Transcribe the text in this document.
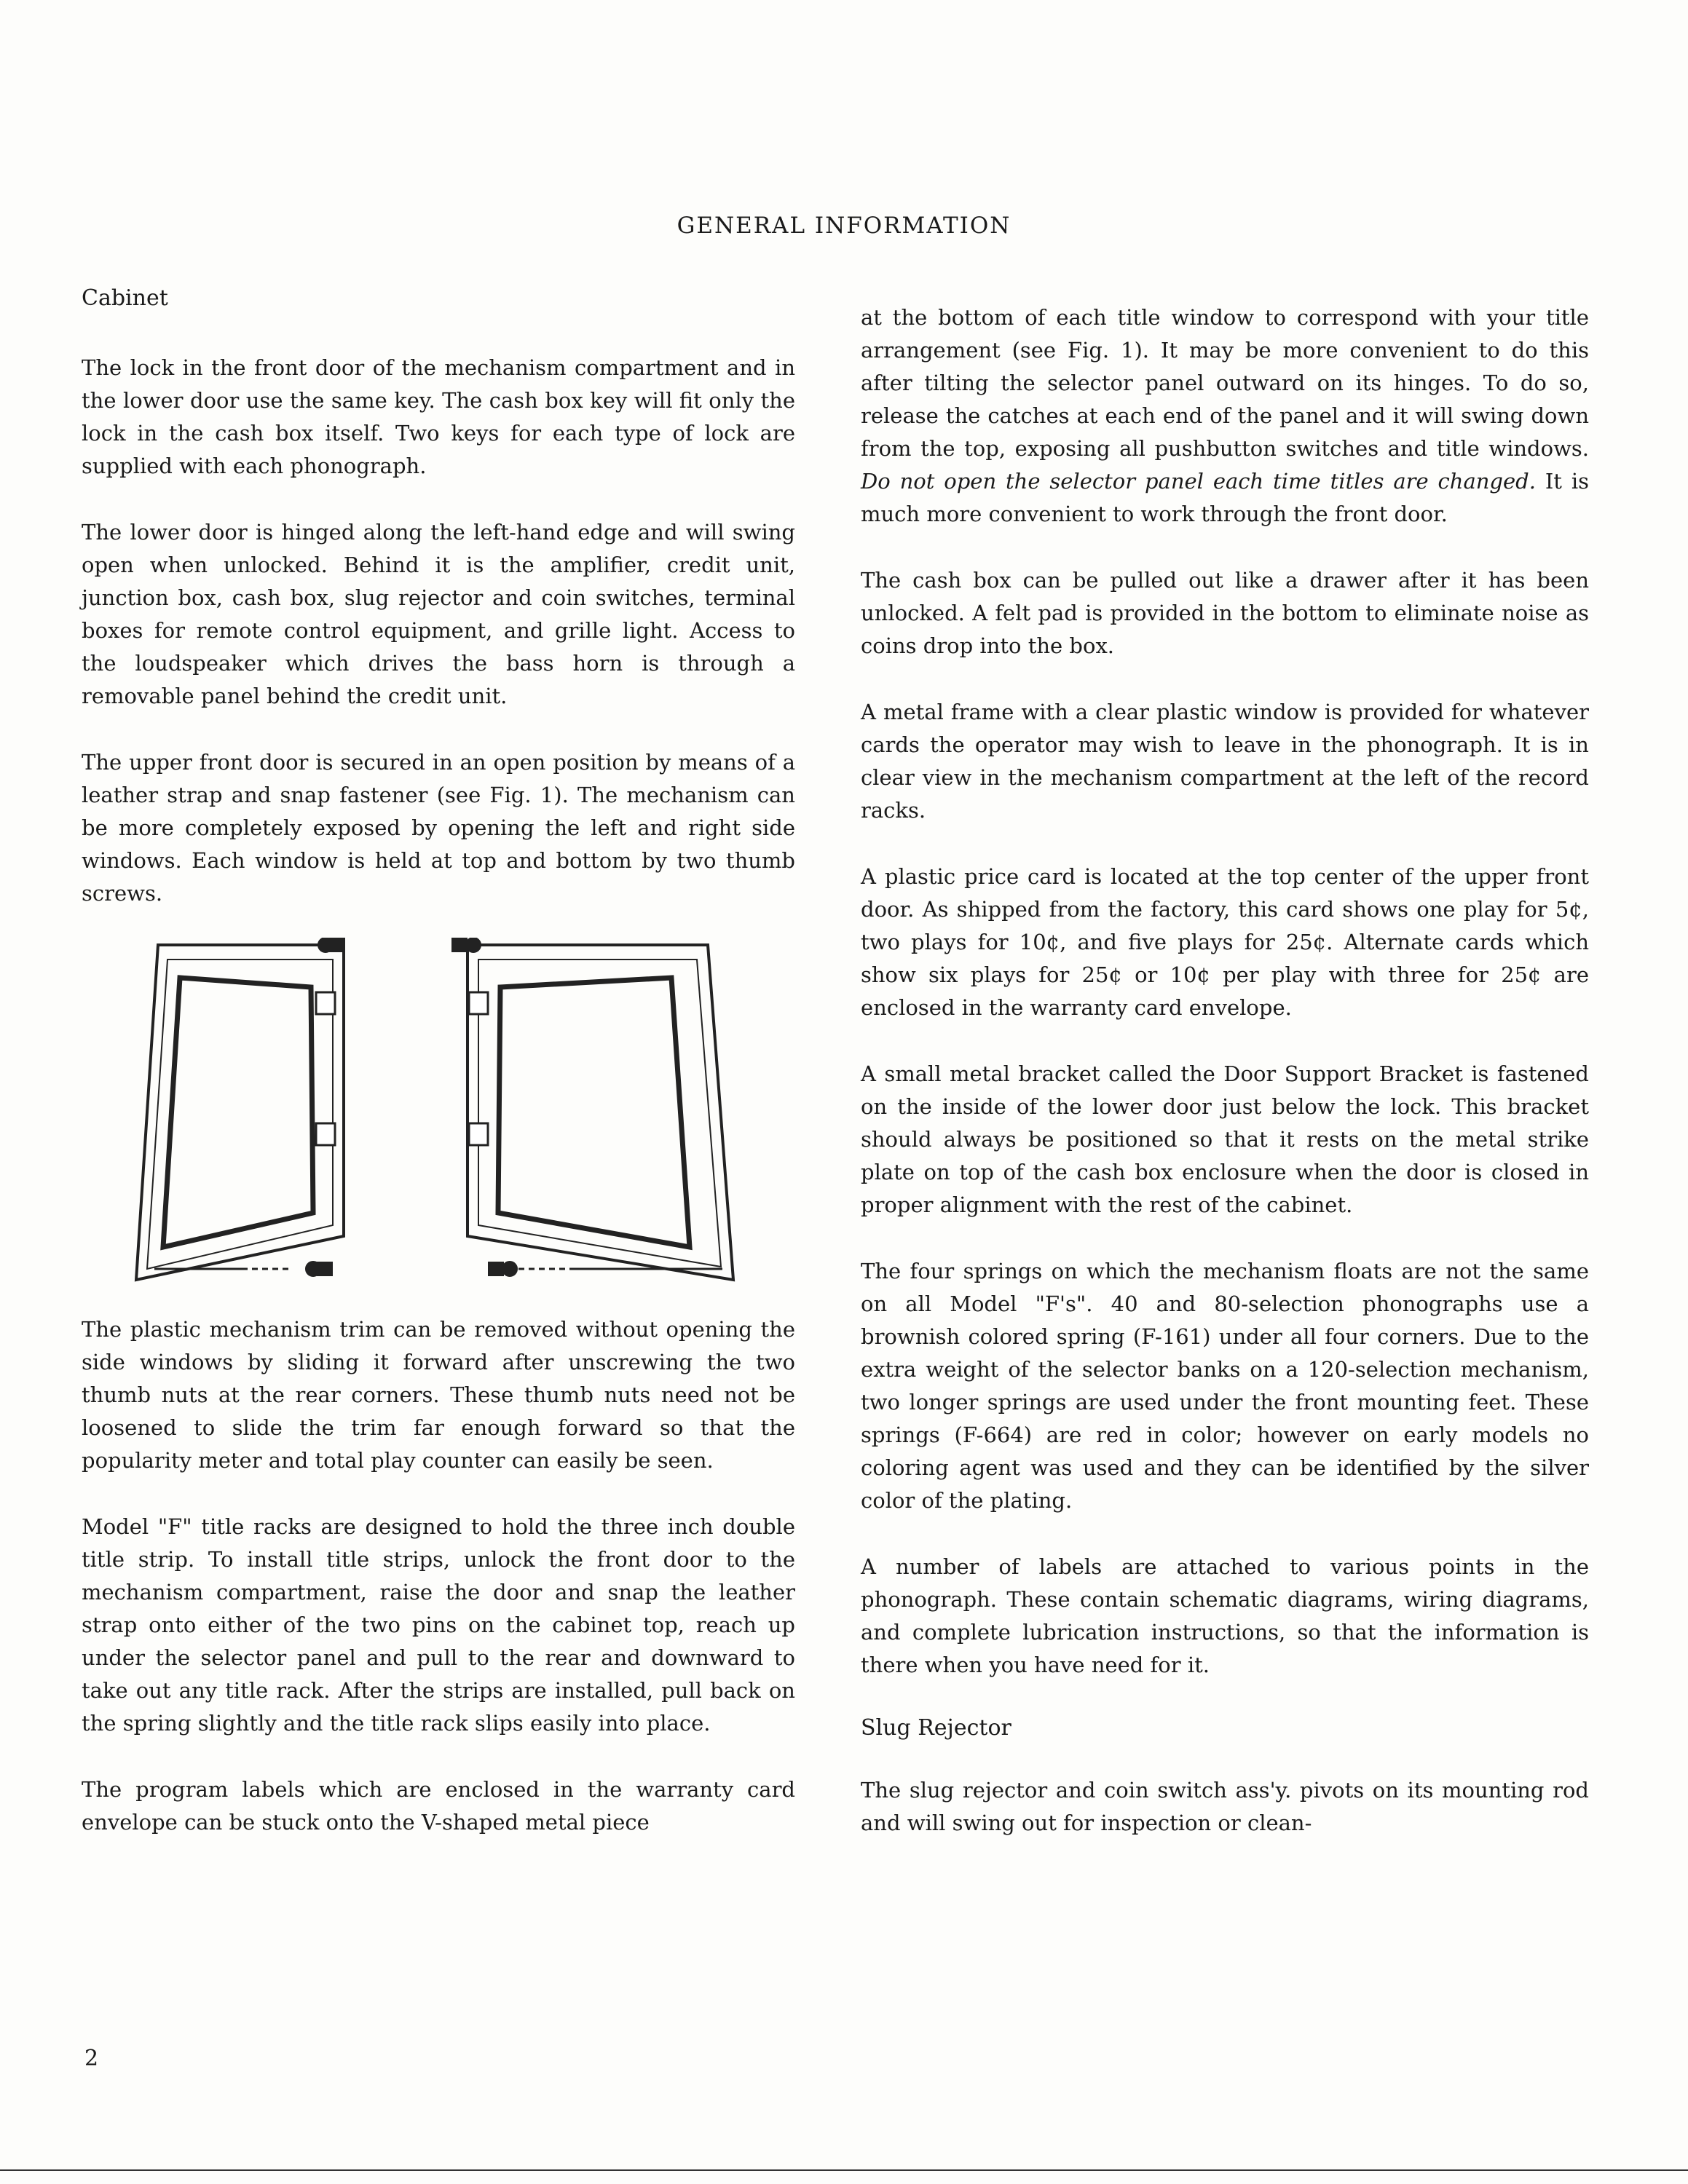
GENERAL INFORMATION
Cabinet

The lock in the front door of the mechanism compartment and in the lower door use the same key. The cash box key will fit only the lock in the cash box itself. Two keys for each type of lock are supplied with each phonograph.

The lower door is hinged along the left-hand edge and will swing open when unlocked. Behind it is the amplifier, credit unit, junction box, cash box, slug rejector and coin switches, terminal boxes for remote control equipment, and grille light. Access to the loudspeaker which drives the bass horn is through a removable panel behind the credit unit.

The upper front door is secured in an open position by means of a leather strap and snap fastener (see Fig. 1). The mechanism can be more completely exposed by opening the left and right side windows. Each window is held at top and bottom by two thumb screws.

The plastic mechanism trim can be removed without opening the side windows by sliding it forward after unscrewing the two thumb nuts at the rear corners. These thumb nuts need not be loosened to slide the trim far enough forward so that the popularity meter and total play counter can easily be seen.

Model "F" title racks are designed to hold the three inch double title strip. To install title strips, unlock the front door to the mechanism compartment, raise the door and snap the leather strap onto either of the two pins on the cabinet top, reach up under the selector panel and pull to the rear and downward to take out any title rack. After the strips are installed, pull back on the spring slightly and the title rack slips easily into place.

The program labels which are enclosed in the warranty card envelope can be stuck onto the V-shaped metal piece

at the bottom of each title window to correspond with your title arrangement (see Fig. 1). It may be more convenient to do this after tilting the selector panel outward on its hinges. To do so, release the catches at each end of the panel and it will swing down from the top, exposing all pushbutton switches and title windows. Do not open the selector panel each time titles are changed. It is much more convenient to work through the front door.

The cash box can be pulled out like a drawer after it has been unlocked. A felt pad is provided in the bottom to eliminate noise as coins drop into the box.

A metal frame with a clear plastic window is provided for whatever cards the operator may wish to leave in the phonograph. It is in clear view in the mechanism compartment at the left of the record racks.

A plastic price card is located at the top center of the upper front door. As shipped from the factory, this card shows one play for 5¢, two plays for 10¢, and five plays for 25¢. Alternate cards which show six plays for 25¢ or 10¢ per play with three for 25¢ are enclosed in the warranty card envelope.

A small metal bracket called the Door Support Bracket is fastened on the inside of the lower door just below the lock. This bracket should always be positioned so that it rests on the metal strike plate on top of the cash box enclosure when the door is closed in proper alignment with the rest of the cabinet.

The four springs on which the mechanism floats are not the same on all Model "F's". 40 and 80-selection phonographs use a brownish colored spring (F-161) under all four corners. Due to the extra weight of the selector banks on a 120-selection mechanism, two longer springs are used under the front mounting feet. These springs (F-664) are red in color; however on early models no coloring agent was used and they can be identified by the silver color of the plating.

A number of labels are attached to various points in the phonograph. These contain schematic diagrams, wiring diagrams, and complete lubrication instructions, so that the information is there when you have need for it.

Slug Rejector

The slug rejector and coin switch ass'y. pivots on its mounting rod and will swing out for inspection or clean-

2
